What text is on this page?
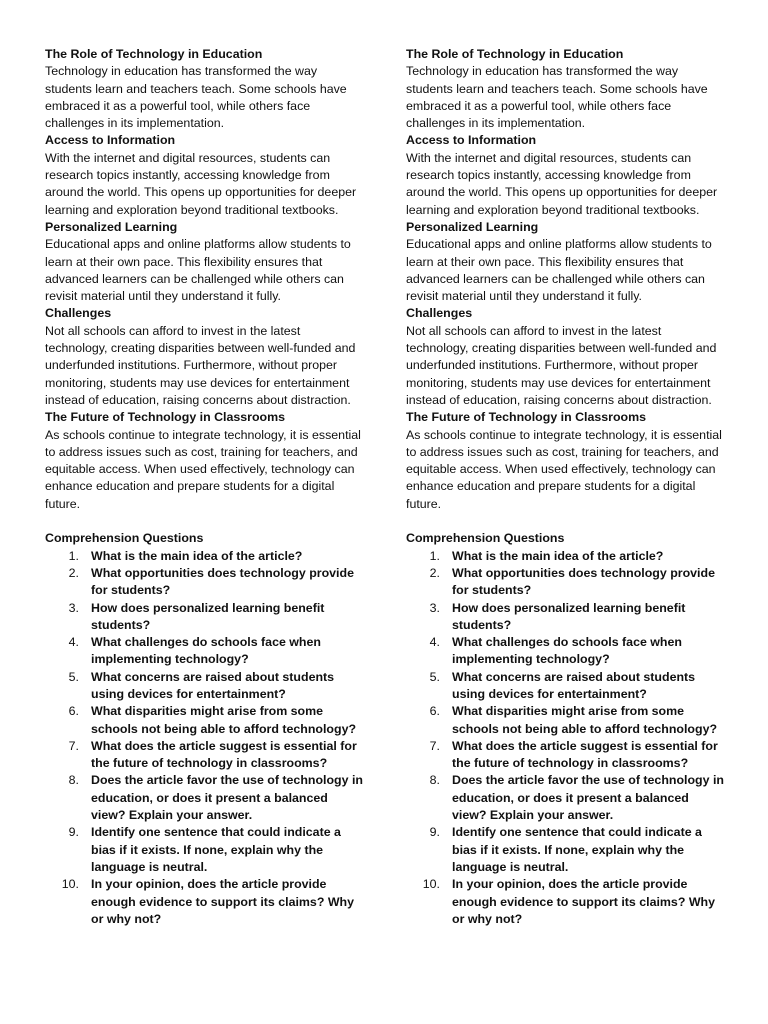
The Role of Technology in Education

Technology in education has transformed the way students learn and teachers teach. Some schools have embraced it as a powerful tool, while others face challenges in its implementation.

Access to Information

With the internet and digital resources, students can research topics instantly, accessing knowledge from around the world. This opens up opportunities for deeper learning and exploration beyond traditional textbooks.

Personalized Learning

Educational apps and online platforms allow students to learn at their own pace. This flexibility ensures that advanced learners can be challenged while others can revisit material until they understand it fully.

Challenges

Not all schools can afford to invest in the latest technology, creating disparities between well-funded and underfunded institutions. Furthermore, without proper monitoring, students may use devices for entertainment instead of education, raising concerns about distraction.

The Future of Technology in Classrooms

As schools continue to integrate technology, it is essential to address issues such as cost, training for teachers, and equitable access. When used effectively, technology can enhance education and prepare students for a digital future.

Comprehension Questions

1. What is the main idea of the article?
2. What opportunities does technology provide for students?
3. How does personalized learning benefit students?
4. What challenges do schools face when implementing technology?
5. What concerns are raised about students using devices for entertainment?
6. What disparities might arise from some schools not being able to afford technology?
7. What does the article suggest is essential for the future of technology in classrooms?
8. Does the article favor the use of technology in education, or does it present a balanced view? Explain your answer.
9. Identify one sentence that could indicate a bias if it exists. If none, explain why the language is neutral.
10. In your opinion, does the article provide enough evidence to support its claims? Why or why not?

The Role of Technology in Education

Technology in education has transformed the way students learn and teachers teach. Some schools have embraced it as a powerful tool, while others face challenges in its implementation.

Access to Information

With the internet and digital resources, students can research topics instantly, accessing knowledge from around the world. This opens up opportunities for deeper learning and exploration beyond traditional textbooks.

Personalized Learning

Educational apps and online platforms allow students to learn at their own pace. This flexibility ensures that advanced learners can be challenged while others can revisit material until they understand it fully.

Challenges

Not all schools can afford to invest in the latest technology, creating disparities between well-funded and underfunded institutions. Furthermore, without proper monitoring, students may use devices for entertainment instead of education, raising concerns about distraction.

The Future of Technology in Classrooms

As schools continue to integrate technology, it is essential to address issues such as cost, training for teachers, and equitable access. When used effectively, technology can enhance education and prepare students for a digital future.

Comprehension Questions

1. What is the main idea of the article?
2. What opportunities does technology provide for students?
3. How does personalized learning benefit students?
4. What challenges do schools face when implementing technology?
5. What concerns are raised about students using devices for entertainment?
6. What disparities might arise from some schools not being able to afford technology?
7. What does the article suggest is essential for the future of technology in classrooms?
8. Does the article favor the use of technology in education, or does it present a balanced view? Explain your answer.
9. Identify one sentence that could indicate a bias if it exists. If none, explain why the language is neutral.
10. In your opinion, does the article provide enough evidence to support its claims? Why or why not?
